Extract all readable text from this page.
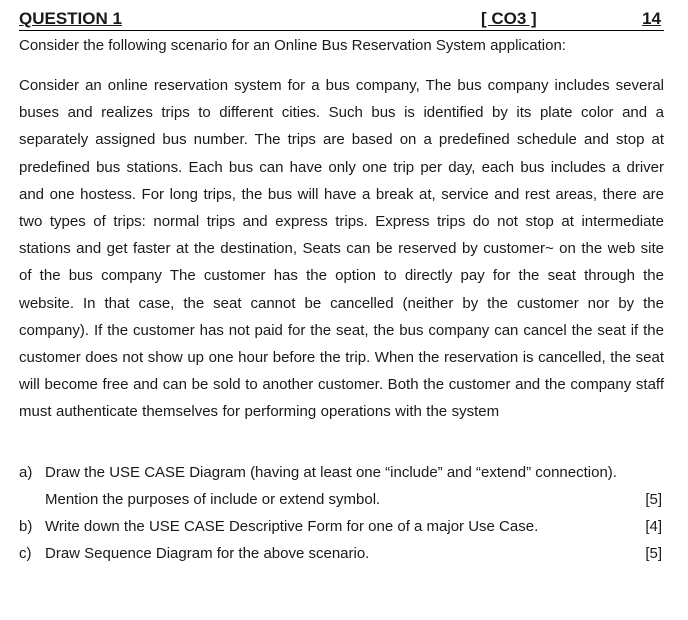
QUESTION 1	[ CO3 ]	14
Consider the following scenario for an Online Bus Reservation System application:
Consider an online reservation system for a bus company, The bus company includes several buses and realizes trips to different cities. Such bus is identified by its plate color and a separately assigned bus number. The trips are based on a predefined schedule and stop at predefined bus stations. Each bus can have only one trip per day, each bus includes a driver and one hostess. For long trips, the bus will have a break at, service and rest areas, there are two types of trips: normal trips and express trips. Express trips do not stop at intermediate stations and get faster at the destination, Seats can be reserved by customer~ on the web site of the bus company The customer has the option to directly pay for the seat through the website. In that case, the seat cannot be cancelled (neither by the customer nor by the company). If the customer has not paid for the seat, the bus company can cancel the seat if the customer does not show up one hour before the trip. When the reservation is cancelled, the seat will become free and can be sold to another customer. Both the customer and the company staff must authenticate themselves for performing operations with the system
a) Draw the USE CASE Diagram (having at least one “include” and “extend” connection).
Mention the purposes of include or extend symbol.	[5]
b) Write down the USE CASE Descriptive Form for one of a major Use Case.	[4]
c) Draw Sequence Diagram for the above scenario.	[5]
